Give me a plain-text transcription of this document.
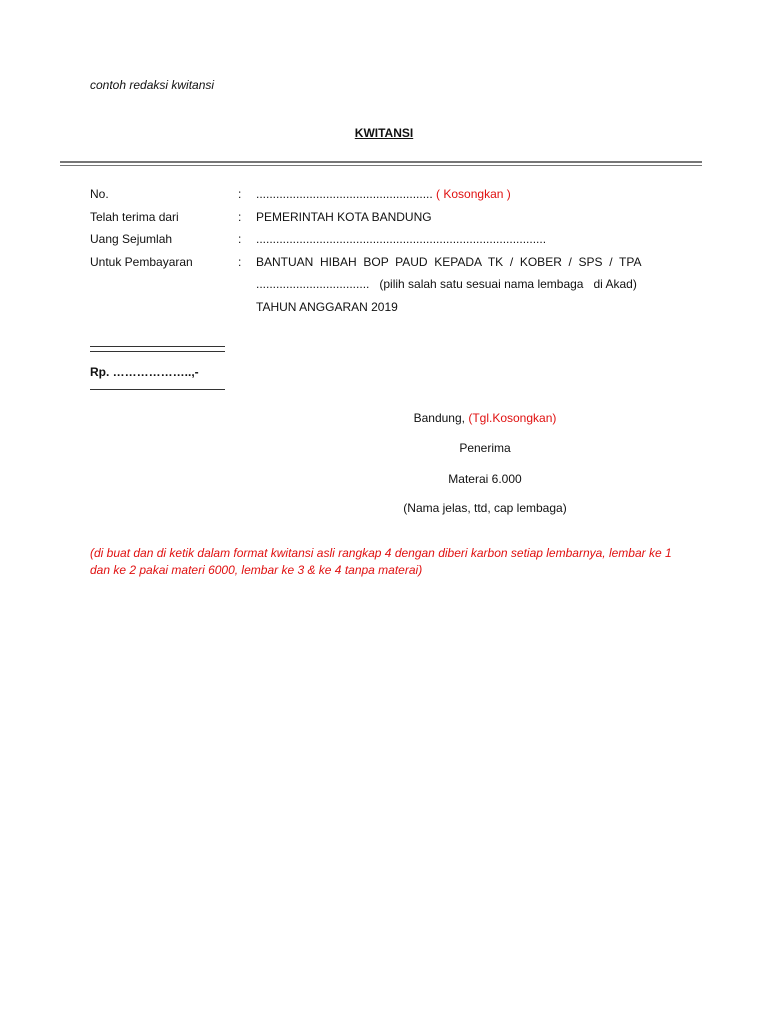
contoh redaksi kwitansi
KWITANSI
No.	: ..................................................... ( Kosongkan )
Telah terima dari	: PEMERINTAH KOTA BANDUNG
Uang Sejumlah	: .......................................................................................
Untuk Pembayaran	: BANTUAN  HIBAH  BOP  PAUD  KEPADA  TK  /  KOBER  /  SPS  /  TPA
..................................   (pilih salah satu sesuai nama lembaga   di Akad)
TAHUN ANGGARAN 2019
Rp. ………………..,-
Bandung, (Tgl.Kosongkan)
Penerima
Materai 6.000
(Nama jelas, ttd, cap lembaga)
(di buat dan di ketik dalam format kwitansi asli rangkap 4 dengan diberi karbon setiap lembarnya, lembar ke 1 dan ke 2 pakai materi 6000, lembar ke 3 & ke 4 tanpa materai)
